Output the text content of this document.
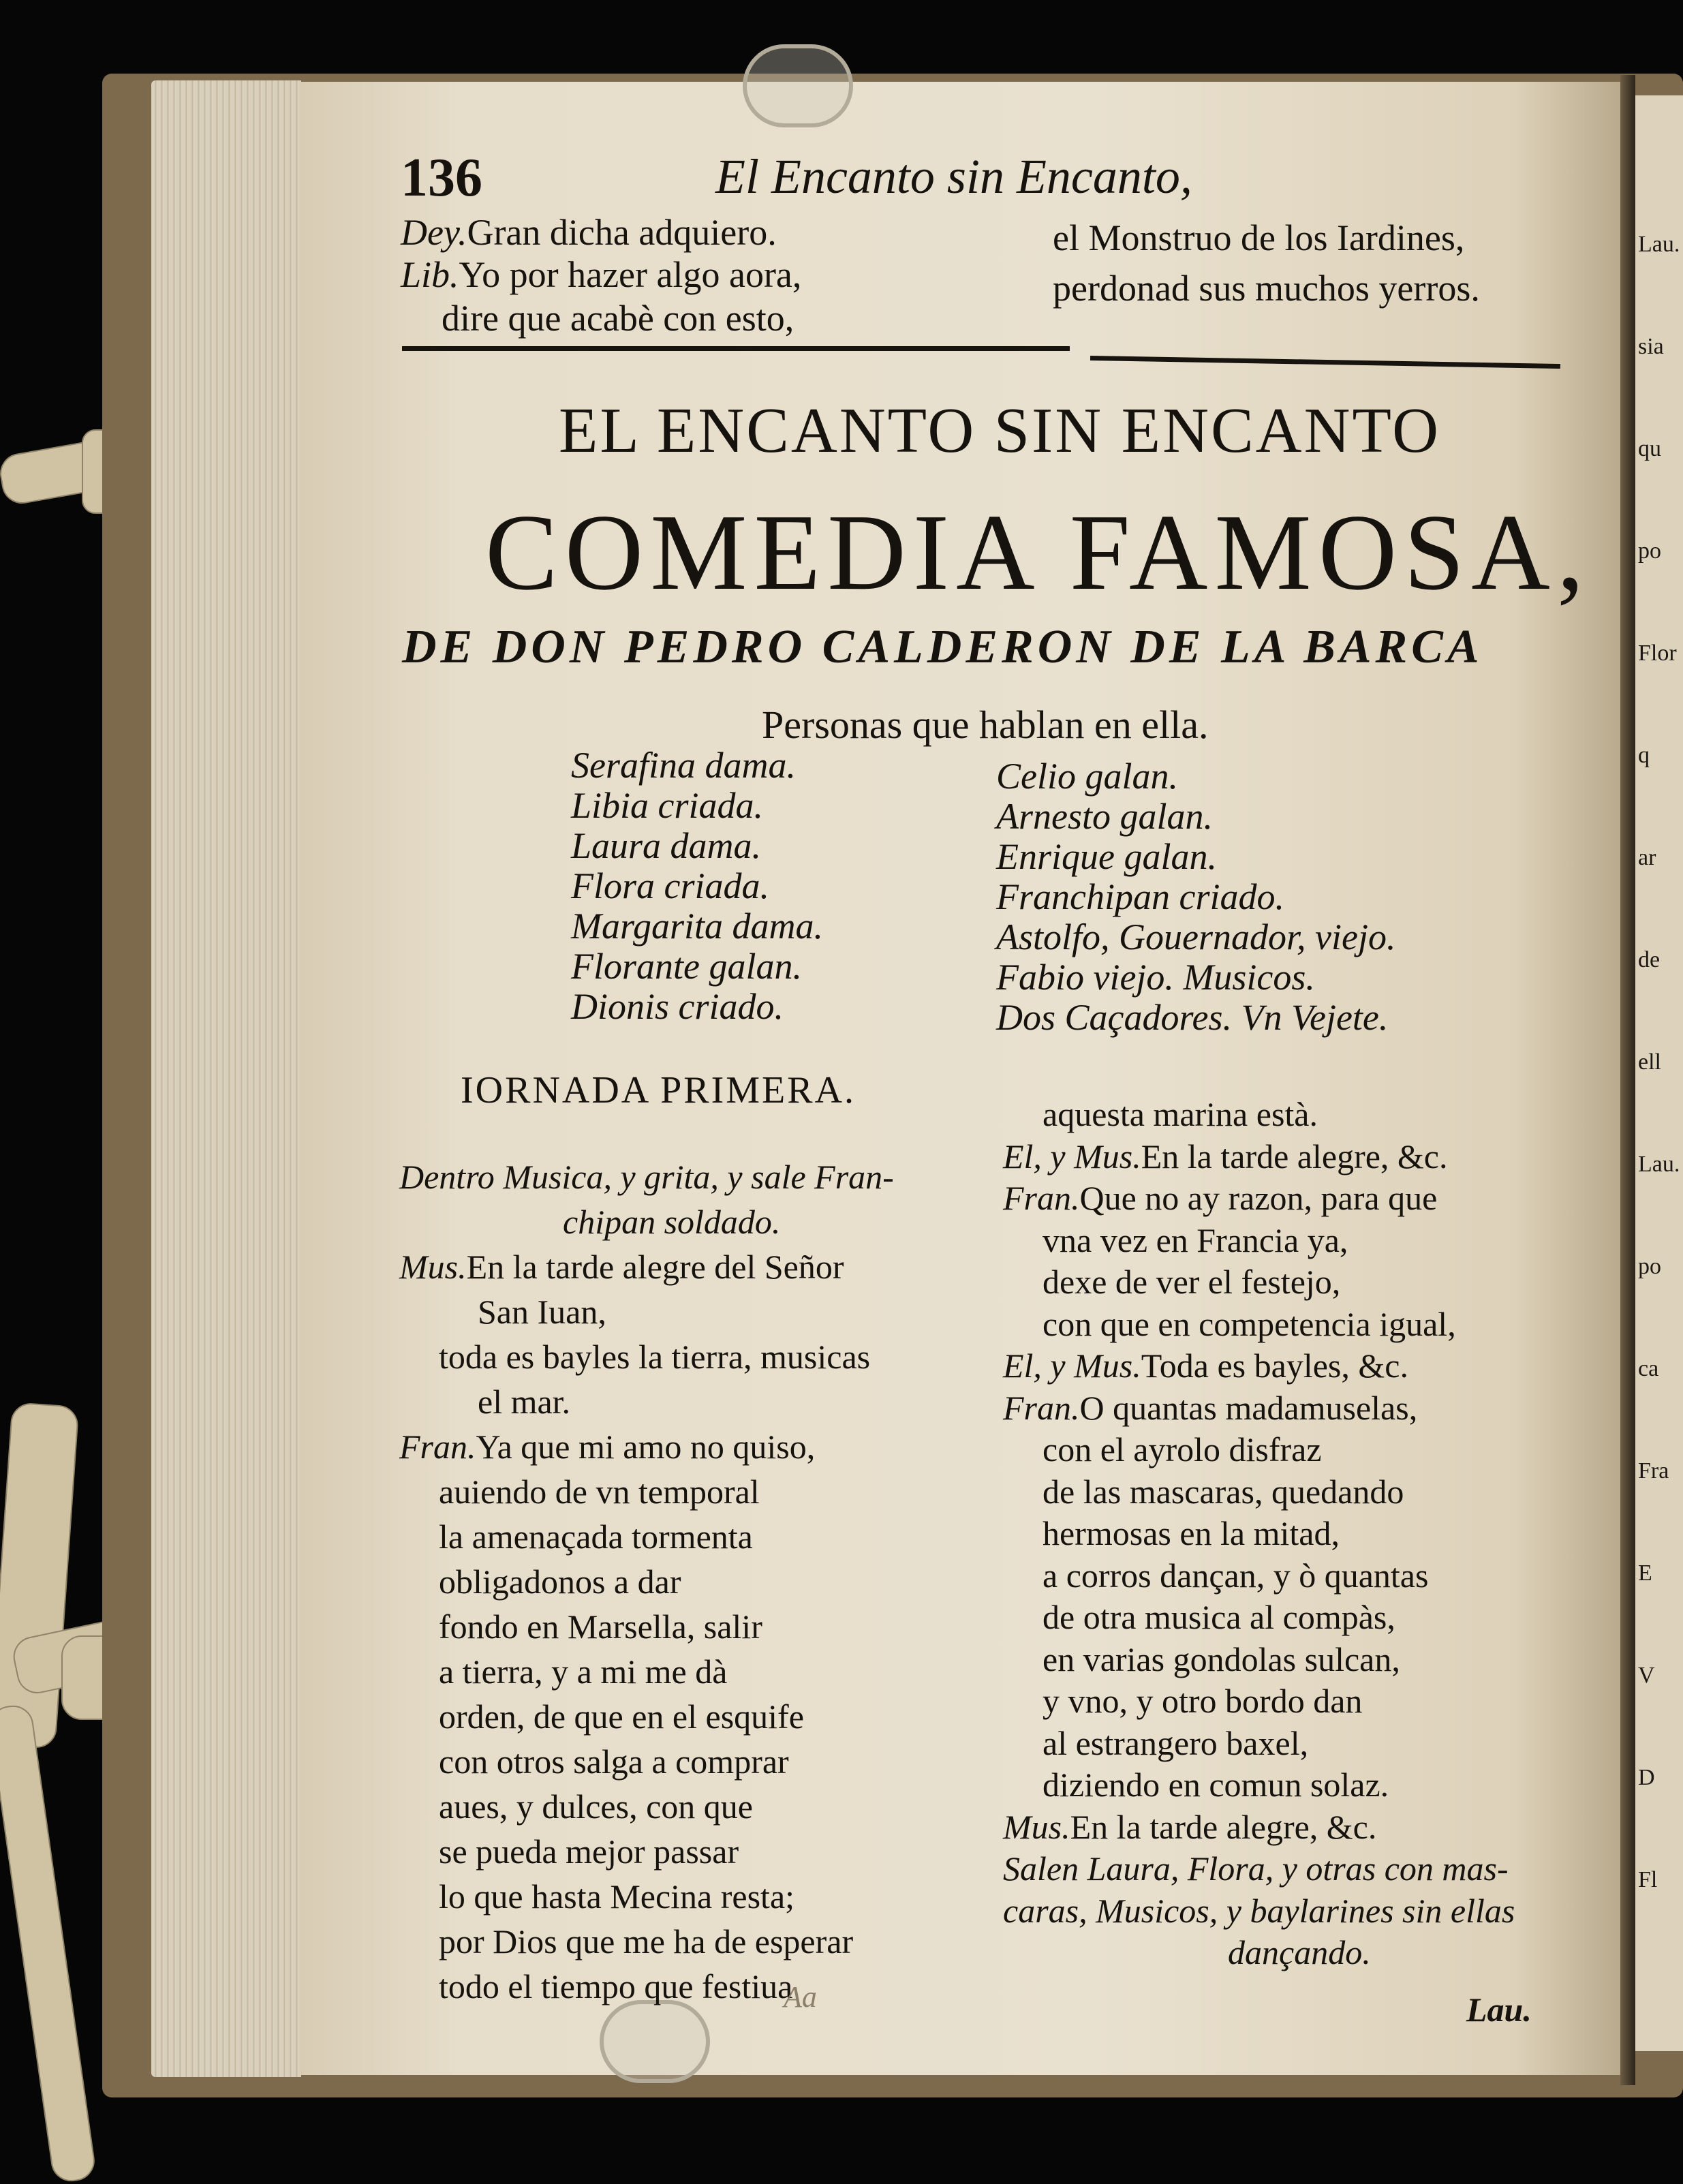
Lau.
sia
qu
po
Flor
q
ar
de
ell
Lau.
po
ca
Fra
E
V
D
Fl
136	El Encanto sin Encanto,
Dey.Gran dicha adquiero.
Lib.Yo por hazer algo aora,
dire que acabè con esto,
el Monstruo de los Iardines,
perdonad sus muchos yerros.
EL ENCANTO SIN ENCANTO
COMEDIA FAMOSA,
DE DON PEDRO CALDERON DE LA BARCA
Personas que hablan en ella.
Serafina dama.
Libia criada.
Laura dama.
Flora criada.
Margarita dama.
Florante galan.
Dionis criado.
Celio galan.
Arnesto galan.
Enrique galan.
Franchipan criado.
Astolfo, Gouernador, viejo.
Fabio viejo. Musicos.
Dos Caçadores. Vn Vejete.
IORNADA PRIMERA.
Dentro Musica, y grita, y sale Fran-
chipan soldado.
Mus.En la tarde alegre del Señor
San Iuan,
toda es bayles la tierra, musicas
el mar.
Fran.Ya que mi amo no quiso,
auiendo de vn temporal
la amenaçada tormenta
obligadonos a dar
fondo en Marsella, salir
a tierra, y a mi me dà
orden, de que en el esquife
con otros salga a comprar
aues, y dulces, con que
se pueda mejor passar
lo que hasta Mecina resta;
por Dios que me ha de esperar
todo el tiempo que festiua
aquesta marina està.
El, y Mus.En la tarde alegre, &c.
Fran.Que no ay razon, para que
vna vez en Francia ya,
dexe de ver el festejo,
con que en competencia igual,
El, y Mus.Toda es bayles, &c.
Fran.O quantas madamuselas,
con el ayrolo disfraz
de las mascaras, quedando
hermosas en la mitad,
a corros dançan, y ò quantas
de otra musica al compàs,
en varias gondolas sulcan,
y vno, y otro bordo dan
al estrangero baxel,
diziendo en comun solaz.
Mus.En la tarde alegre, &c.
Salen Laura, Flora, y otras con mas-
caras, Musicos, y baylarines sin ellas
dançando.
Aa	Lau.
